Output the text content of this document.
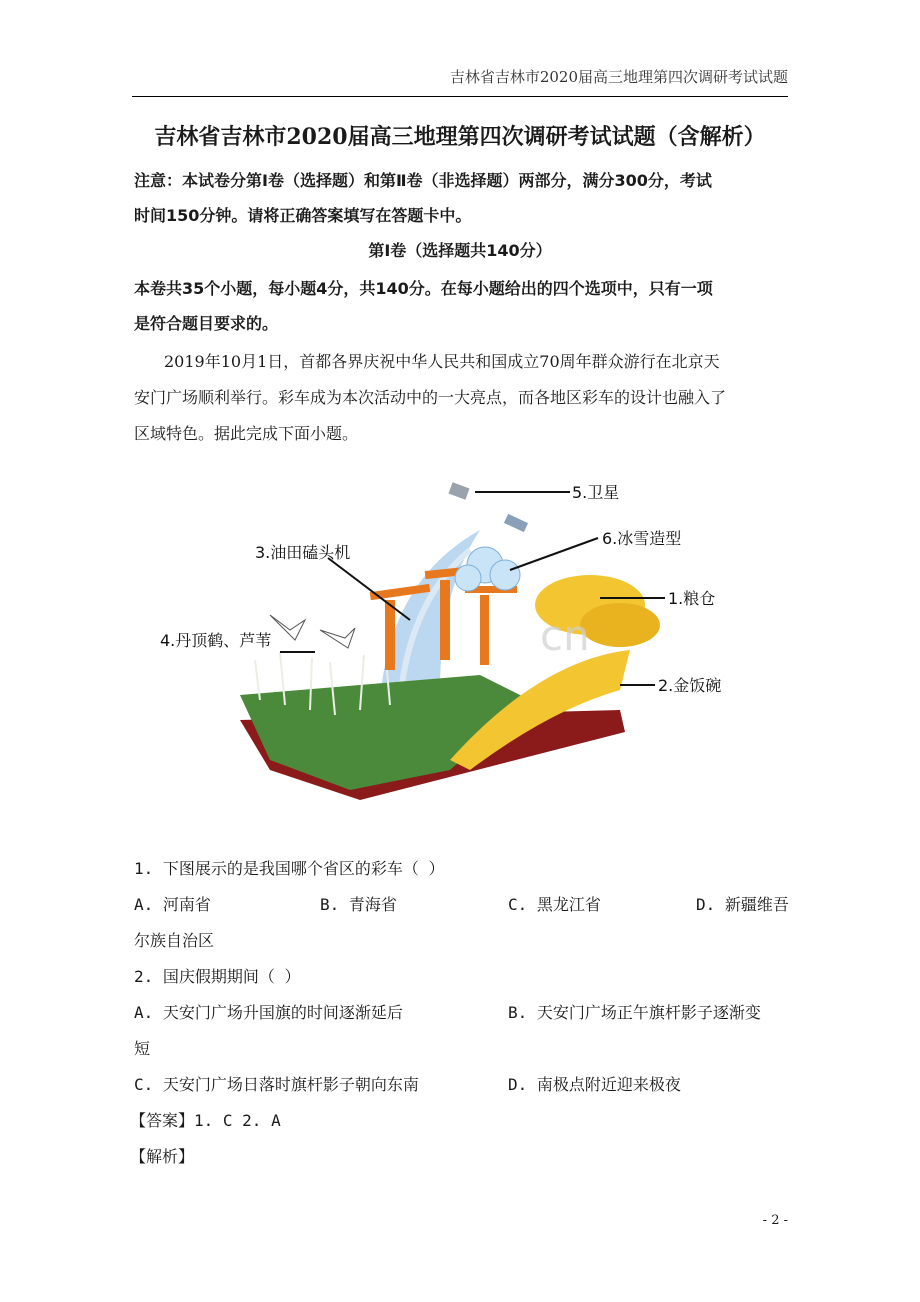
吉林省吉林市2020届高三地理第四次调研考试试题
吉林省吉林市2020届高三地理第四次调研考试试题（含解析）
注意：本试卷分第Ⅰ卷（选择题）和第Ⅱ卷（非选择题）两部分，满分300分，考试
时间150分钟。请将正确答案填写在答题卡中。
第Ⅰ卷（选择题共140分）
本卷共35个小题，每小题4分，共140分。在每小题给出的四个选项中，只有一项
是符合题目要求的。
2019年10月1日，首都各界庆祝中华人民共和国成立70周年群众游行在北京天
安门广场顺利举行。彩车成为本次活动中的一大亮点，而各地区彩车的设计也融入了
区域特色。据此完成下面小题。
cn
5.卫星
6.冰雪造型
3.油田磕头机
1.粮仓
4.丹顶鹤、芦苇
2.金饭碗
1. 下图展示的是我国哪个省区的彩车（ ）
A. 河南省	B. 青海省	C. 黑龙江省	D. 新疆维吾
尔族自治区
2. 国庆假期期间（ ）
A. 天安门广场升国旗的时间逐渐延后	B. 天安门广场正午旗杆影子逐渐变
短
C. 天安门广场日落时旗杆影子朝向东南	D. 南极点附近迎来极夜
【答案】1. C 2. A
【解析】
- 2 -
